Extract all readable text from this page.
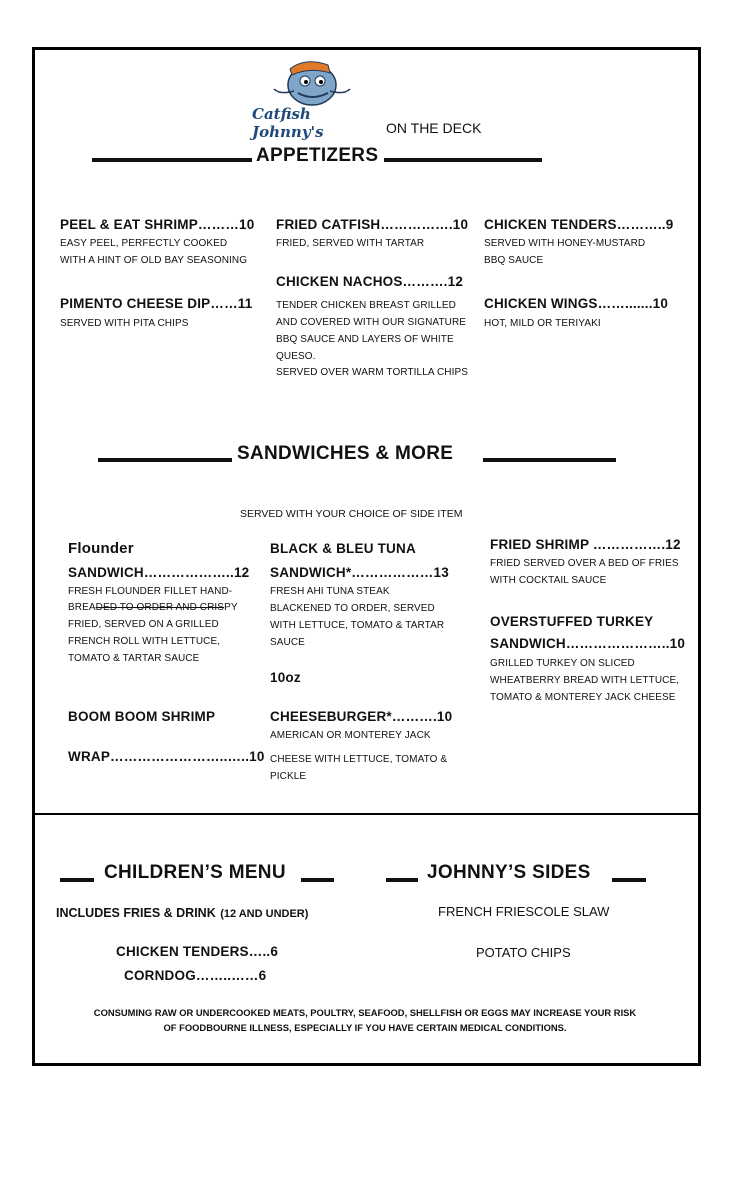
Catfish Johnny's	ON THE DECK
APPETIZERS
PEEL & EAT SHRIMP………10
EASY PEEL, PERFECTLY COOKED WITH A HINT OF OLD BAY SEASONING
PIMENTO CHEESE DIP……11
SERVED WITH PITA CHIPS
FRIED CATFISH…………….10
FRIED, SERVED WITH TARTAR
CHICKEN NACHOS……….12
TENDER CHICKEN BREAST GRILLED AND COVERED WITH OUR SIGNATURE BBQ SAUCE AND LAYERS OF WHITE QUESO.
SERVED OVER WARM TORTILLA CHIPS
CHICKEN TENDERS………..9
SERVED WITH HONEY-MUSTARD BBQ SAUCE
CHICKEN WINGS…….......10
HOT, MILD OR TERIYAKI
SANDWICHES & MORE
SERVED WITH YOUR CHOICE OF SIDE ITEM
Flounder
SANDWICH………………..12
FRESH FLOUNDER FILLET HAND-
BREADED TO ORDER AND CRISPY
FRIED, SERVED ON A GRILLED FRENCH ROLL WITH LETTUCE, TOMATO & TARTAR SAUCE
BOOM BOOM SHRIMP
WRAP……………………..…..10
BLACK & BLEU TUNA
SANDWICH*………………13
FRESH AHI TUNA STEAK BLACKENED TO ORDER, SERVED WITH LETTUCE, TOMATO & TARTAR SAUCE
10oz
CHEESEBURGER*……….10
AMERICAN OR MONTEREY JACK
CHEESE WITH LETTUCE, TOMATO & PICKLE
FRIED SHRIMP …………….12
FRIED SERVED OVER A BED OF FRIES WITH COCKTAIL SAUCE
OVERSTUFFED TURKEY
SANDWICH…………………..10
GRILLED TURKEY ON SLICED WHEATBERRY BREAD WITH LETTUCE, TOMATO & MONTEREY JACK CHEESE
CHILDREN’S MENU
INCLUDES FRIES & DRINK (12 AND UNDER)
CHICKEN TENDERS…..6
CORNDOG……..……6
JOHNNY’S SIDES
FRENCH FRIESCOLE SLAW
POTATO CHIPS
CONSUMING RAW OR UNDERCOOKED MEATS, POULTRY, SEAFOOD, SHELLFISH OR EGGS MAY INCREASE YOUR RISK
OF FOODBOURNE ILLNESS, ESPECIALLY IF YOU HAVE CERTAIN MEDICAL CONDITIONS.
